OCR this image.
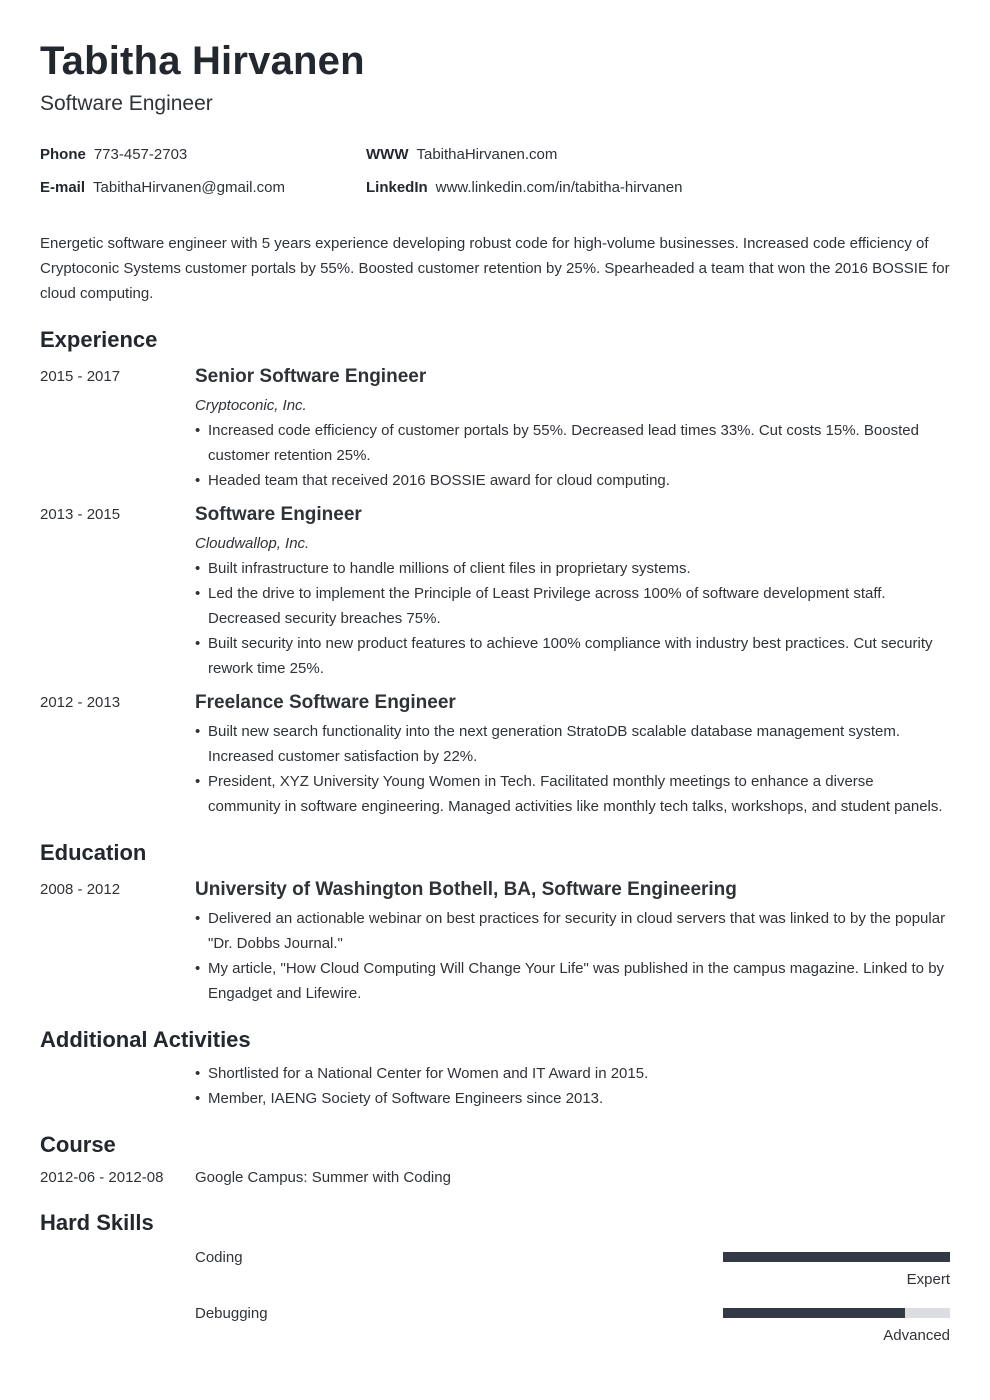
Tabitha Hirvanen
Software Engineer
Phone 773-457-2703	WWW TabithaHirvanen.com
E-mail TabithaHirvanen@gmail.com	LinkedIn www.linkedin.com/in/tabitha-hirvanen

Energetic software engineer with 5 years experience developing robust code for high-volume businesses. Increased code efficiency of Cryptoconic Systems customer portals by 55%. Boosted customer retention by 25%. Spearheaded a team that won the 2016 BOSSIE for cloud computing.

Experience
2015 - 2017	Senior Software Engineer
Cryptoconic, Inc.
• Increased code efficiency of customer portals by 55%. Decreased lead times 33%. Cut costs 15%. Boosted customer retention 25%.
• Headed team that received 2016 BOSSIE award for cloud computing.
2013 - 2015	Software Engineer
Cloudwallop, Inc.
• Built infrastructure to handle millions of client files in proprietary systems.
• Led the drive to implement the Principle of Least Privilege across 100% of software development staff. Decreased security breaches 75%.
• Built security into new product features to achieve 100% compliance with industry best practices. Cut security rework time 25%.
2012 - 2013	Freelance Software Engineer
• Built new search functionality into the next generation StratoDB scalable database management system. Increased customer satisfaction by 22%.
• President, XYZ University Young Women in Tech. Facilitated monthly meetings to enhance a diverse community in software engineering. Managed activities like monthly tech talks, workshops, and student panels.
Education
2008 - 2012	University of Washington Bothell, BA, Software Engineering
• Delivered an actionable webinar on best practices for security in cloud servers that was linked to by the popular "Dr. Dobbs Journal."
• My article, "How Cloud Computing Will Change Your Life" was published in the campus magazine. Linked to by Engadget and Lifewire.
Additional Activities
• Shortlisted for a National Center for Women and IT Award in 2015.
• Member, IAENG Society of Software Engineers since 2013.
Course
2012-06 - 2012-08	Google Campus: Summer with Coding
Hard Skills
Coding
Expert
Debugging
Advanced
